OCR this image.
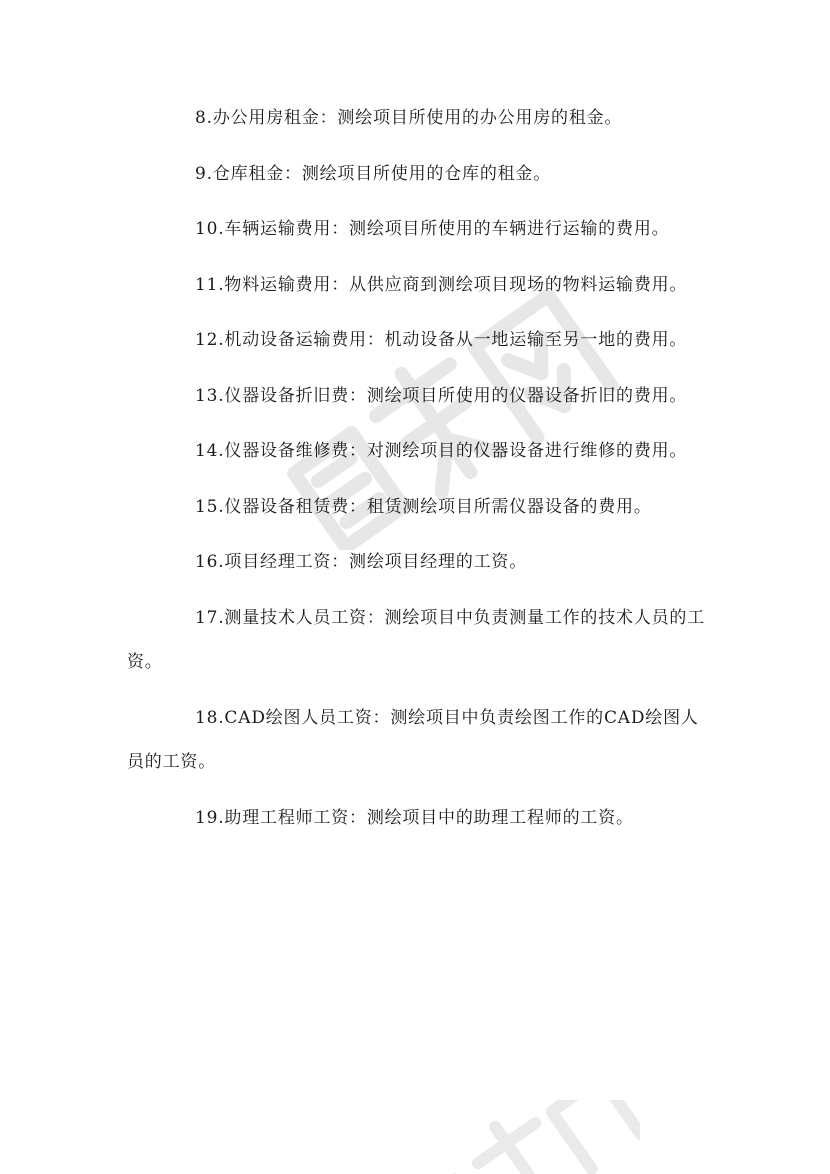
8.办公用房租金：测绘项目所使用的办公用房的租金。

9.仓库租金：测绘项目所使用的仓库的租金。

10.车辆运输费用：测绘项目所使用的车辆进行运输的费用。

11.物料运输费用：从供应商到测绘项目现场的物料运输费用。

12.机动设备运输费用：机动设备从一地运输至另一地的费用。

13.仪器设备折旧费：测绘项目所使用的仪器设备折旧的费用。

14.仪器设备维修费：对测绘项目的仪器设备进行维修的费用。

15.仪器设备租赁费：租赁测绘项目所需仪器设备的费用。

16.项目经理工资：测绘项目经理的工资。

17.测量技术人员工资：测绘项目中负责测量工作的技术人员的工资。

18.CAD绘图人员工资：测绘项目中负责绘图工作的CAD绘图人员的工资。

19.助理工程师工资：测绘项目中的助理工程师的工资。
